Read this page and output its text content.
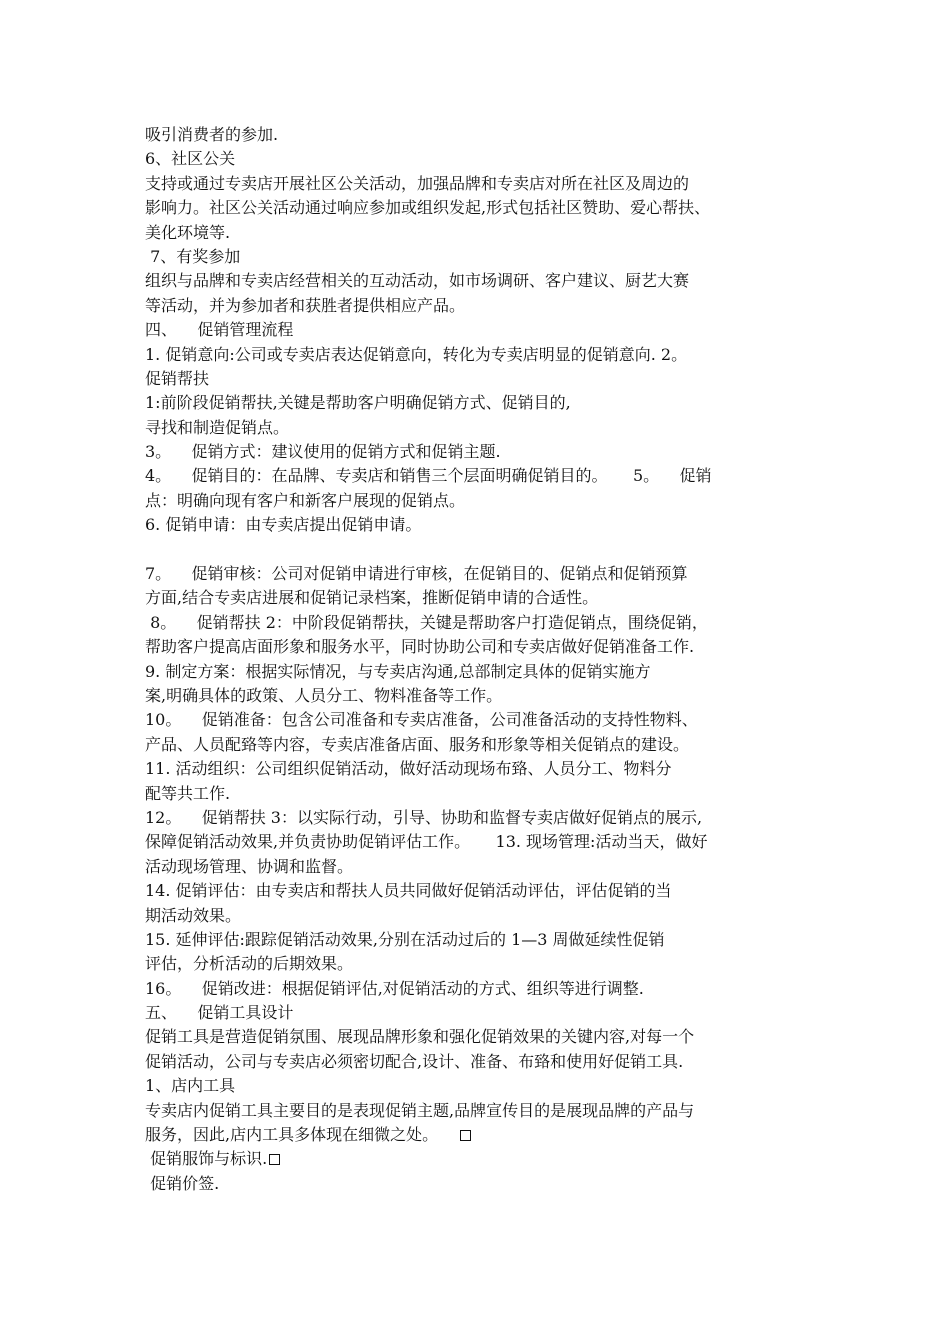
吸引消费者的参加.
6、社区公关
支持或通过专卖店开展社区公关活动，加强品牌和专卖店对所在社区及周边的
影响力。社区公关活动通过响应参加或组织发起,形式包括社区赞助、爱心帮扶、
美化环境等.
7、有奖参加
组织与品牌和专卖店经营相关的互动活动，如市场调研、客户建议、厨艺大赛
等活动，并为参加者和获胜者提供相应产品。
四、    促销管理流程
1. 促销意向:公司或专卖店表达促销意向，转化为专卖店明显的促销意向. 2。
促销帮扶
1:前阶段促销帮扶,关键是帮助客户明确促销方式、促销目的,
寻找和制造促销点。
3。    促销方式：建议使用的促销方式和促销主题.
4。    促销目的：在品牌、专卖店和销售三个层面明确促销目的。     5。    促销
点：明确向现有客户和新客户展现的促销点。
6. 促销申请：由专卖店提出促销申请。
7。    促销审核：公司对促销申请进行审核，在促销目的、促销点和促销预算
方面,结合专卖店进展和促销记录档案，推断促销申请的合适性。
8。    促销帮扶 2：中阶段促销帮扶，关键是帮助客户打造促销点，围绕促销，
帮助客户提高店面形象和服务水平，同时协助公司和专卖店做好促销准备工作.
9. 制定方案：根据实际情况，与专卖店沟通,总部制定具体的促销实施方
案,明确具体的政策、人员分工、物料准备等工作。
10。    促销准备：包含公司准备和专卖店准备，公司准备活动的支持性物料、
产品、人员配臵等内容，专卖店准备店面、服务和形象等相关促销点的建设。
11. 活动组织：公司组织促销活动，做好活动现场布臵、人员分工、物料分
配等共工作.
12。    促销帮扶 3：以实际行动，引导、协助和监督专卖店做好促销点的展示,
保障促销活动效果,并负责协助促销评估工作。     13. 现场管理:活动当天，做好
活动现场管理、协调和监督。
14. 促销评估：由专卖店和帮扶人员共同做好促销活动评估，评估促销的当
期活动效果。
15. 延伸评估:跟踪促销活动效果,分别在活动过后的 1—3 周做延续性促销
评估，分析活动的后期效果。
16。    促销改进：根据促销评估,对促销活动的方式、组织等进行调整.
五、    促销工具设计
促销工具是营造促销氛围、展现品牌形象和强化促销效果的关键内容,对每一个
促销活动，公司与专卖店必须密切配合,设计、准备、布臵和使用好促销工具.
1、店内工具
专卖店内促销工具主要目的是表现促销主题,品牌宣传目的是展现品牌的产品与
服务，因此,店内工具多体现在细微之处。
促销服饰与标识.
促销价签.
